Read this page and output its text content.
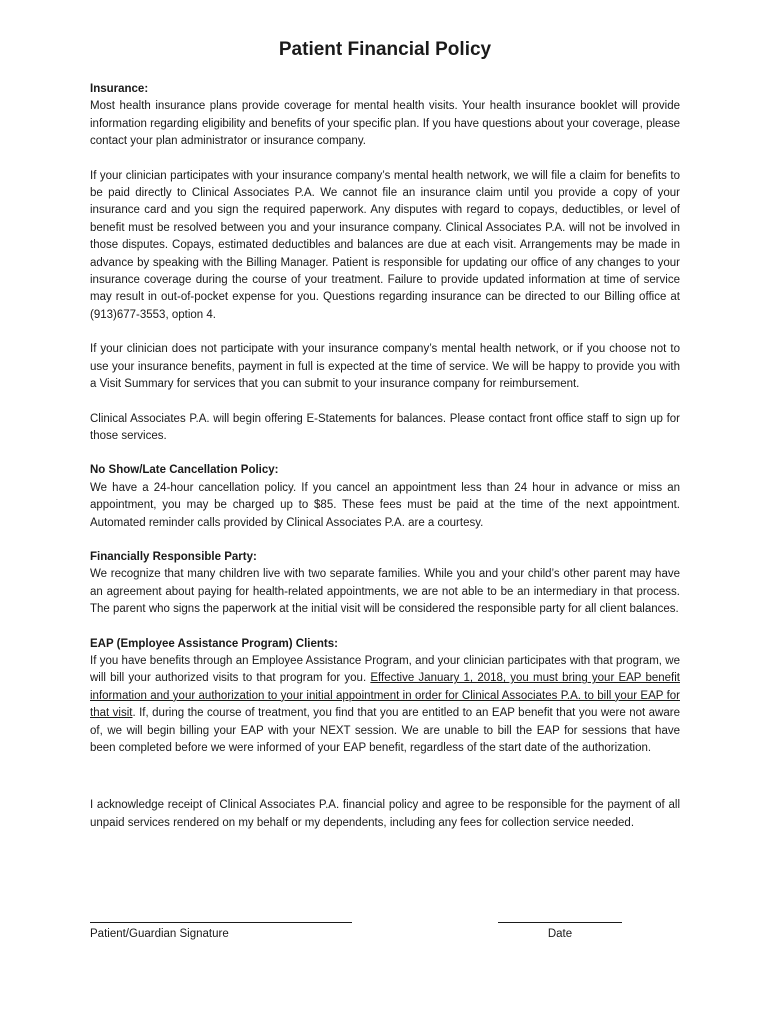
Patient Financial Policy

Insurance:

Most health insurance plans provide coverage for mental health visits. Your health insurance booklet will provide information regarding eligibility and benefits of your specific plan. If you have questions about your coverage, please contact your plan administrator or insurance company.

If your clinician participates with your insurance company’s mental health network, we will file a claim for benefits to be paid directly to Clinical Associates P.A. We cannot file an insurance claim until you provide a copy of your insurance card and you sign the required paperwork. Any disputes with regard to copays, deductibles, or level of benefit must be resolved between you and your insurance company. Clinical Associates P.A. will not be involved in those disputes. Copays, estimated deductibles and balances are due at each visit. Arrangements may be made in advance by speaking with the Billing Manager. Patient is responsible for updating our office of any changes to your insurance coverage during the course of your treatment. Failure to provide updated information at time of service may result in out-of-pocket expense for you. Questions regarding insurance can be directed to our Billing office at (913)677-3553, option 4.

If your clinician does not participate with your insurance company’s mental health network, or if you choose not to use your insurance benefits, payment in full is expected at the time of service. We will be happy to provide you with a Visit Summary for services that you can submit to your insurance company for reimbursement.

Clinical Associates P.A. will begin offering E-Statements for balances. Please contact front office staff to sign up for those services.

No Show/Late Cancellation Policy:

We have a 24-hour cancellation policy. If you cancel an appointment less than 24 hour in advance or miss an appointment, you may be charged up to $85. These fees must be paid at the time of the next appointment. Automated reminder calls provided by Clinical Associates P.A. are a courtesy.

Financially Responsible Party:

We recognize that many children live with two separate families. While you and your child’s other parent may have an agreement about paying for health-related appointments, we are not able to be an intermediary in that process. The parent who signs the paperwork at the initial visit will be considered the responsible party for all client balances.

EAP (Employee Assistance Program) Clients:

If you have benefits through an Employee Assistance Program, and your clinician participates with that program, we will bill your authorized visits to that program for you. Effective January 1, 2018, you must bring your EAP benefit information and your authorization to your initial appointment in order for Clinical Associates P.A. to bill your EAP for that visit. If, during the course of treatment, you find that you are entitled to an EAP benefit that you were not aware of, we will begin billing your EAP with your NEXT session. We are unable to bill the EAP for sessions that have been completed before we were informed of your EAP benefit, regardless of the start date of the authorization.

I acknowledge receipt of Clinical Associates P.A. financial policy and agree to be responsible for the payment of all unpaid services rendered on my behalf or my dependents, including any fees for collection service needed.

Patient/Guardian Signature	Date
